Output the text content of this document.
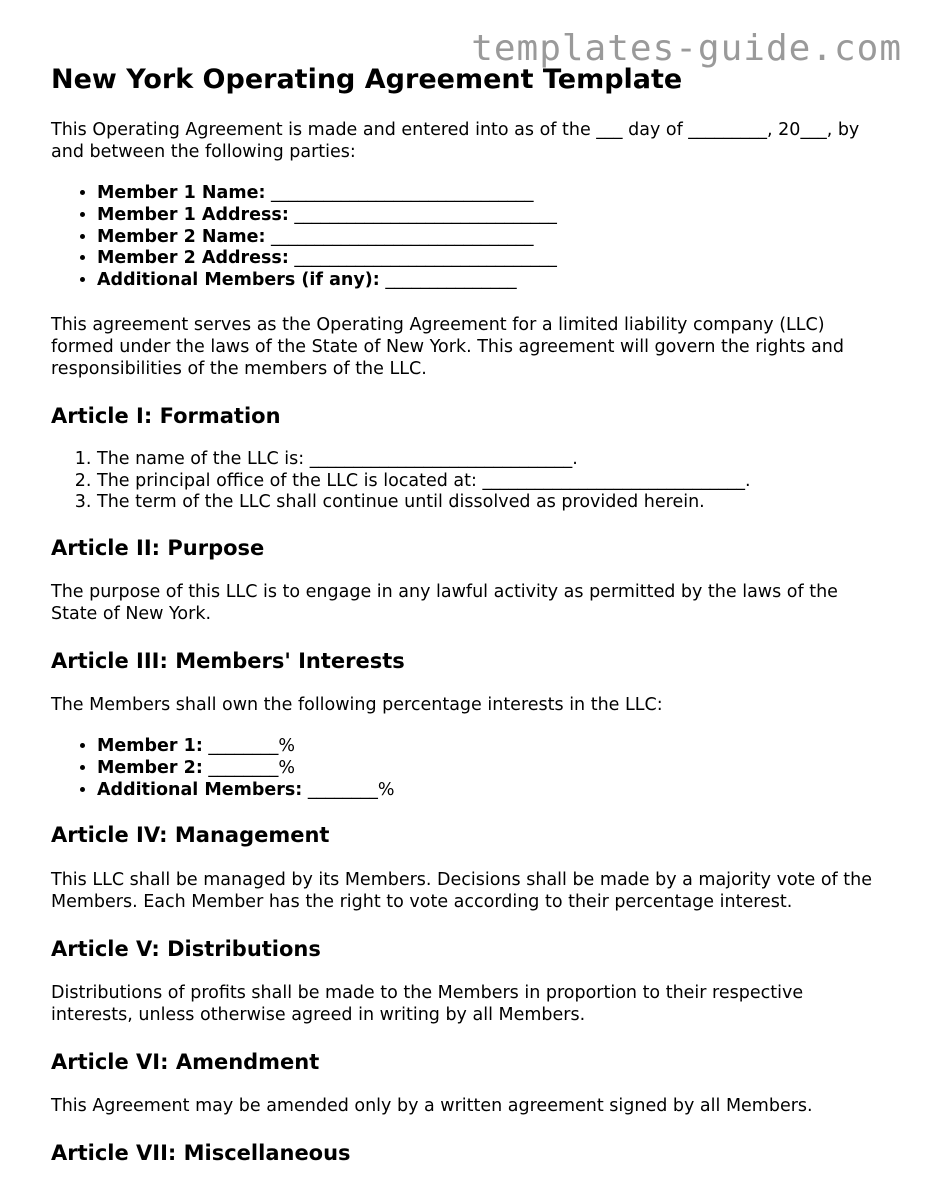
templates-guide.com
New York Operating Agreement Template

This Operating Agreement is made and entered into as of the ___ day of _________, 20___, by and between the following parties:

• Member 1 Name: ______________________________
• Member 1 Address: ______________________________
• Member 2 Name: ______________________________
• Member 2 Address: ______________________________
• Additional Members (if any): _______________

This agreement serves as the Operating Agreement for a limited liability company (LLC) formed under the laws of the State of New York. This agreement will govern the rights and responsibilities of the members of the LLC.

Article I: Formation
1. The name of the LLC is: ______________________________.
2. The principal office of the LLC is located at: ______________________________.
3. The term of the LLC shall continue until dissolved as provided herein.
Article II: Purpose

The purpose of this LLC is to engage in any lawful activity as permitted by the laws of the State of New York.

Article III: Members' Interests

The Members shall own the following percentage interests in the LLC:

• Member 1: ________%
• Member 2: ________%
• Additional Members: ________%
Article IV: Management

This LLC shall be managed by its Members. Decisions shall be made by a majority vote of the Members. Each Member has the right to vote according to their percentage interest.

Article V: Distributions

Distributions of profits shall be made to the Members in proportion to their respective interests, unless otherwise agreed in writing by all Members.

Article VI: Amendment

This Agreement may be amended only by a written agreement signed by all Members.

Article VII: Miscellaneous
